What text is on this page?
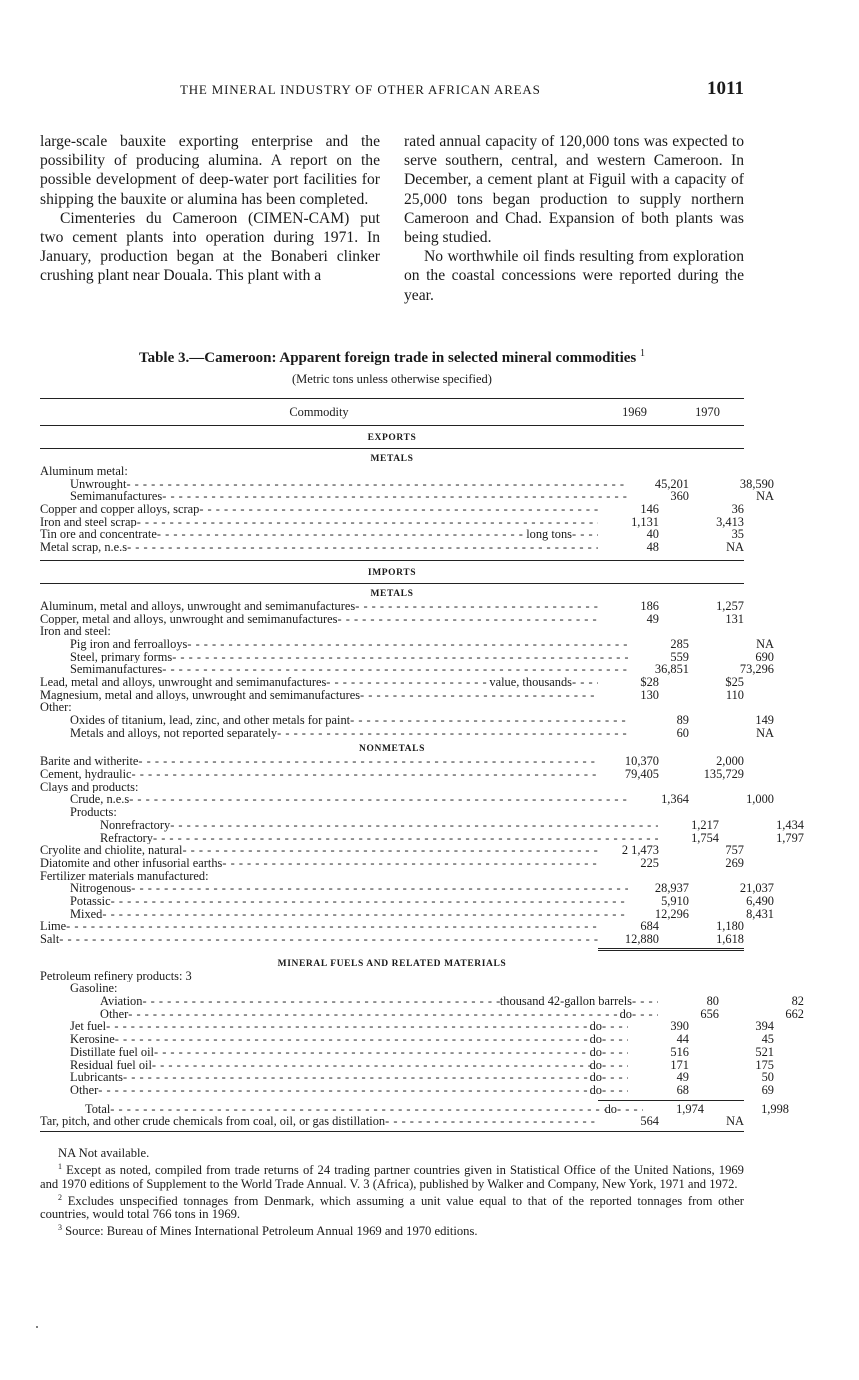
THE MINERAL INDUSTRY OF OTHER AFRICAN AREAS	1011

large-scale bauxite exporting enterprise and the possibility of producing alumina. A report on the possible development of deep-water port facilities for shipping the bauxite or alumina has been completed.

Cimenteries du Cameroon (CIMEN-CAM) put two cement plants into operation during 1971. In January, production began at the Bonaberi clinker crushing plant near Douala. This plant with a

rated annual capacity of 120,000 tons was expected to serve southern, central, and western Cameroon. In December, a cement plant at Figuil with a capacity of 25,000 tons began production to supply northern Cameroon and Chad. Expansion of both plants was being studied.

No worthwhile oil finds resulting from exploration on the coastal concessions were reported during the year.

Table 3.—Cameroon: Apparent foreign trade in selected mineral commodities $^1$
(Metric tons unless otherwise specified)
Commodity	1969	1970
EXPORTS
METALS
Aluminum metal:
Unwrought - - -	45,201	38,590
Semimanufactures - - -	360	NA
Copper and copper alloys, scrap - - -	146	36
Iron and steel scrap - - -	1,131	3,413
Tin ore and concentrate - - -	long tons - - -	40	35
Metal scrap, n.e.s - - -	48	NA
IMPORTS
METALS
Aluminum, metal and alloys, unwrought and semimanufactures - - -	186	1,257
Copper, metal and alloys, unwrought and semimanufactures - - -	49	131
Iron and steel:
Pig iron and ferroalloys - - -	285	NA
Steel, primary forms - - -	559	690
Semimanufactures - - -	36,851	73,296
Lead, metal and alloys, unwrought and semimanufactures - - -	value, thousands - - -	$28	$25
Magnesium, metal and alloys, unwrought and semimanufactures - - -	130	110
Other:
Oxides of titanium, lead, zinc, and other metals for paint - - -	89	149
Metals and alloys, not reported separately - - -	60	NA
NONMETALS
Barite and witherite - - -	10,370	2,000
Cement, hydraulic - - -	79,405	135,729
Clays and products:
Crude, n.e.s - - -	1,364	1,000
Products:
Nonrefractory - - -	1,217	1,434
Refractory - - -	1,754	1,797
Cryolite and chiolite, natural - - -	2 1,473	757
Diatomite and other infusorial earths - - -	225	269
Fertilizer materials manufactured:
Nitrogenous - - -	28,937	21,037
Potassic - - -	5,910	6,490
Mixed - - -	12,296	8,431
Lime - - -	684	1,180
Salt - - -	12,880	1,618
MINERAL FUELS AND RELATED MATERIALS
Petroleum refinery products: 3
Gasoline:
Aviation - - -	thousand 42-gallon barrels - - -	80	82
Other - - -	do - - -	656	662
Jet fuel - - -	do - - -	390	394
Kerosine - - -	do - - -	44	45
Distillate fuel oil - - -	do - - -	516	521
Residual fuel oil - - -	do - - -	171	175
Lubricants - - -	do - - -	49	50
Other - - -	do - - -	68	69
Total - - -	do - - -	1,974	1,998
Tar, pitch, and other crude chemicals from coal, oil, or gas distillation - - -	564	NA

NA Not available.

$^1$ Except as noted, compiled from trade returns of 24 trading partner countries given in Statistical Office of the United Nations, 1969 and 1970 editions of Supplement to the World Trade Annual. V. 3 (Africa), published by Walker and Company, New York, 1971 and 1972.

$^2$ Excludes unspecified tonnages from Denmark, which assuming a unit value equal to that of the reported tonnages from other countries, would total 766 tons in 1969.

$^3$ Source: Bureau of Mines International Petroleum Annual 1969 and 1970 editions.
